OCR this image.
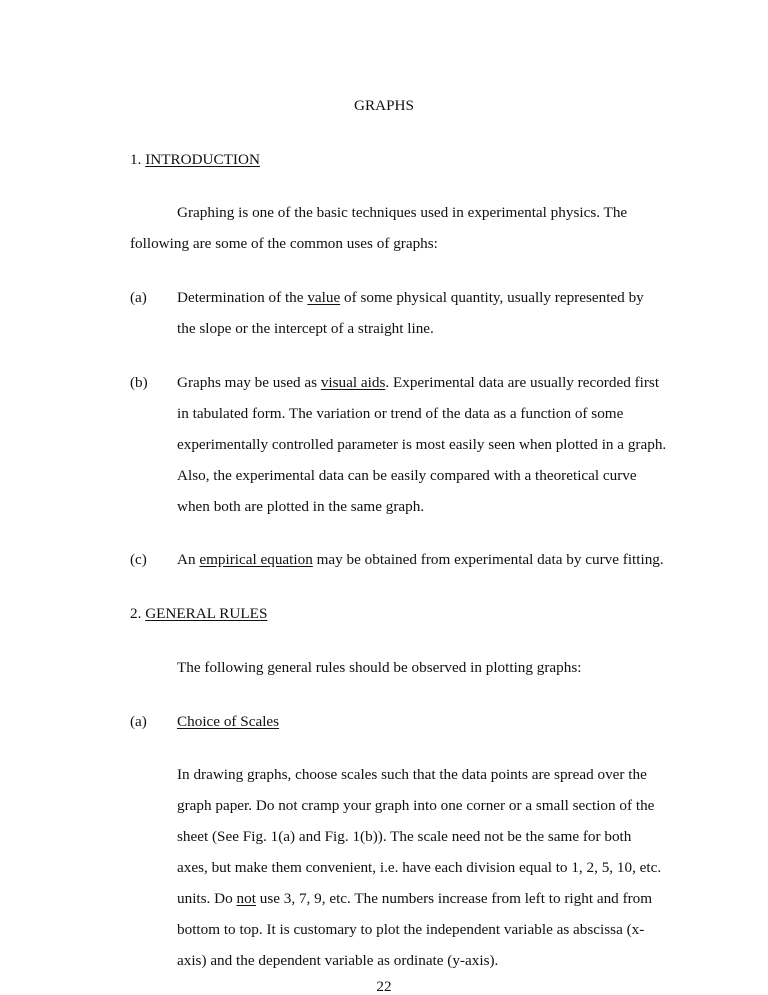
GRAPHS
1. INTRODUCTION
Graphing is one of the basic techniques used in experimental physics. The
following are some of the common uses of graphs:
(a) Determination of the value of some physical quantity, usually represented by
the slope or the intercept of a straight line.
(b) Graphs may be used as visual aids. Experimental data are usually recorded first
in tabulated form. The variation or trend of the data as a function of some
experimentally controlled parameter is most easily seen when plotted in a graph.
Also, the experimental data can be easily compared with a theoretical curve
when both are plotted in the same graph.
(c) An empirical equation may be obtained from experimental data by curve fitting.
2. GENERAL RULES
The following general rules should be observed in plotting graphs:
(a) Choice of Scales
In drawing graphs, choose scales such that the data points are spread over the
graph paper. Do not cramp your graph into one corner or a small section of the
sheet (See Fig. 1(a) and Fig. 1(b)). The scale need not be the same for both
axes, but make them convenient, i.e. have each division equal to 1, 2, 5, 10, etc.
units. Do not use 3, 7, 9, etc. The numbers increase from left to right and from
bottom to top. It is customary to plot the independent variable as abscissa (x-
axis) and the dependent variable as ordinate (y-axis).
22
